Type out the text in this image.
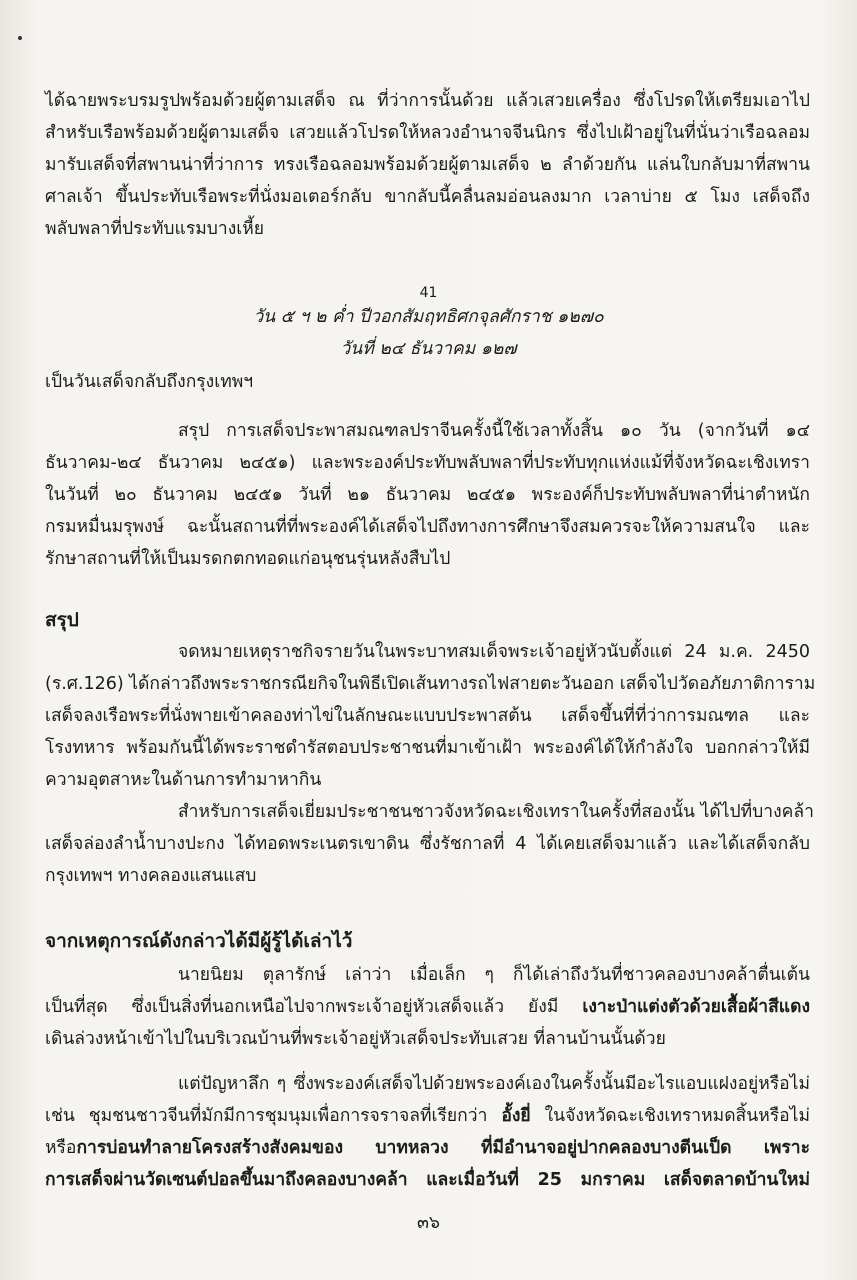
ได้ฉายพระบรมรูปพร้อมด้วยผู้ตามเสด็จ ณ ที่ว่าการนั้นด้วย แล้วเสวยเครื่อง ซึ่งโปรดให้เตรียมเอาไป
สำหรับเรือพร้อมด้วยผู้ตามเสด็จ เสวยแล้วโปรดให้หลวงอำนาจจีนนิกร ซึ่งไปเฝ้าอยู่ในที่นั่นว่าเรือฉลอม
มารับเสด็จที่สพานน่าที่ว่าการ ทรงเรือฉลอมพร้อมด้วยผู้ตามเสด็จ ๒ ลำด้วยกัน แล่นใบกลับมาที่สพาน
ศาลเจ้า ขึ้นประทับเรือพระที่นั่งมอเตอร์กลับ ขากลับนี้คลื่นลมอ่อนลงมาก เวลาบ่าย ๕ โมง เสด็จถึง
พลับพลาที่ประทับแรมบางเหี้ย
41
วัน ๕ ฯ ๒ ค่ำ ปีวอกสัมฤทธิศกจุลศักราช ๑๒๗๐
วันที่ ๒๔ ธันวาคม ๑๒๗
เป็นวันเสด็จกลับถึงกรุงเทพฯ
สรุป การเสด็จประพาสมณฑลปราจีนครั้งนี้ใช้เวลาทั้งสิ้น ๑๐ วัน (จากวันที่ ๑๔
ธันวาคม-๒๔ ธันวาคม ๒๔๕๑) และพระองค์ประทับพลับพลาที่ประทับทุกแห่งแม้ที่จังหวัดฉะเชิงเทรา
ในวันที่ ๒๐ ธันวาคม ๒๔๕๑ วันที่ ๒๑ ธันวาคม ๒๔๕๑ พระองค์ก็ประทับพลับพลาที่น่าตำหนัก
กรมหมื่นมรุพงษ์ ฉะนั้นสถานที่ที่พระองค์ได้เสด็จไปถึงทางการศึกษาจึงสมควรจะให้ความสนใจ และ
รักษาสถานที่ให้เป็นมรดกตกทอดแก่อนุชนรุ่นหลังสืบไป
สรุป
จดหมายเหตุราชกิจรายวันในพระบาทสมเด็จพระเจ้าอยู่หัวนับตั้งแต่ 24 ม.ค. 2450
(ร.ศ.126) ได้กล่าวถึงพระราชกรณียกิจในพิธีเปิดเส้นทางรถไฟสายตะวันออก เสด็จไปวัดอภัยภาติการาม
เสด็จลงเรือพระที่นั่งพายเข้าคลองท่าไข่ในลักษณะแบบประพาสต้น เสด็จขึ้นที่ที่ว่าการมณฑล และ
โรงทหาร พร้อมกันนี้ได้พระราชดำรัสตอบประชาชนที่มาเข้าเฝ้า พระองค์ได้ให้กำลังใจ บอกกล่าวให้มี
ความอุตสาหะในด้านการทำมาหากิน
สำหรับการเสด็จเยี่ยมประชาชนชาวจังหวัดฉะเชิงเทราในครั้งที่สองนั้น ได้ไปที่บางคล้า
เสด็จล่องลำน้ำบางปะกง ได้ทอดพระเนตรเขาดิน ซึ่งรัชกาลที่ 4 ได้เคยเสด็จมาแล้ว และได้เสด็จกลับ
กรุงเทพฯ ทางคลองแสนแสบ
จากเหตุการณ์ดังกล่าวได้มีผู้รู้ได้เล่าไว้
นายนิยม ตุลารักษ์ เล่าว่า เมื่อเล็ก ๆ ก็ได้เล่าถึงวันที่ชาวคลองบางคล้าตื่นเต้น
เป็นที่สุด ซึ่งเป็นสิ่งที่นอกเหนือไปจากพระเจ้าอยู่หัวเสด็จแล้ว ยังมี เงาะป่าแต่งตัวด้วยเสื้อผ้าสีแดง
เดินล่วงหน้าเข้าไปในบริเวณบ้านที่พระเจ้าอยู่หัวเสด็จประทับเสวย ที่ลานบ้านนั้นด้วย
แต่ปัญหาลึก ๆ ซึ่งพระองค์เสด็จไปด้วยพระองค์เองในครั้งนั้นมีอะไรแอบแฝงอยู่หรือไม่
เช่น ชุมชนชาวจีนที่มักมีการชุมนุมเพื่อการจราจลที่เรียกว่า อั้งยี่ ในจังหวัดฉะเชิงเทราหมดสิ้นหรือไม่
หรือการบ่อนทำลายโครงสร้างสังคมของ บาทหลวง ที่มีอำนาจอยู่ปากคลองบางตีนเป็ด เพราะ
การเสด็จผ่านวัดเซนต์ปอลขึ้นมาถึงคลองบางคล้า และเมื่อวันที่ 25 มกราคม เสด็จตลาดบ้านใหม่
๓๖
